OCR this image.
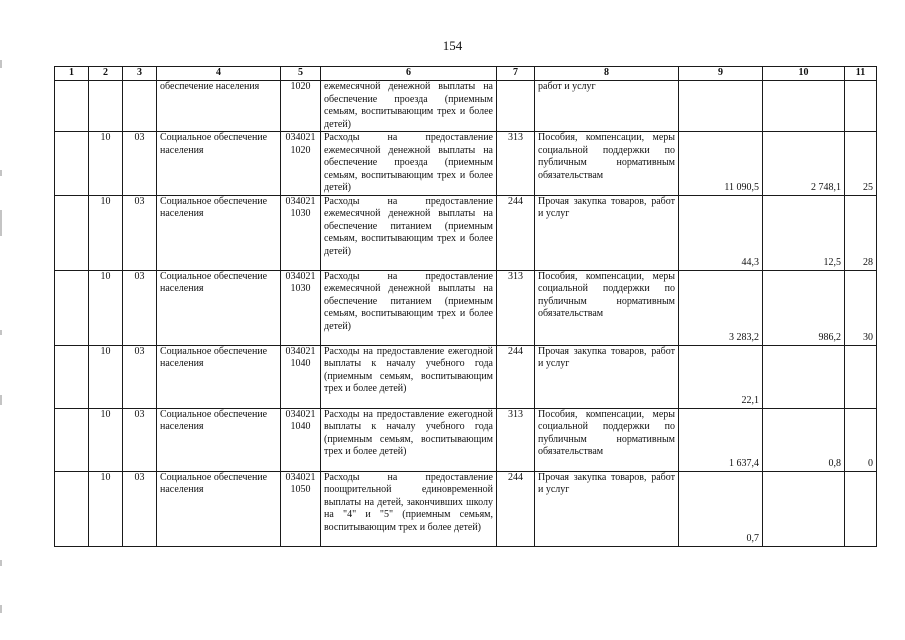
154
1	2	3	4	5	6	7	8	9	10	11
			обеспечение населения	1020	ежемесячной денежной выплаты на обеспечение проезда (приемным семьям, воспитывающим трех и более детей)		работ и услуг			
	10	03	Социальное обеспечение населения	034021 1020	Расходы на предоставление ежемесячной денежной выплаты на обеспечение проезда (приемным семьям, воспитывающим трех и более детей)	313	Пособия, компенсации, меры социальной поддержки по публичным нормативным обязательствам	11 090,5	2 748,1	25
	10	03	Социальное обеспечение населения	034021 1030	Расходы на предоставление ежемесячной денежной выплаты на обеспечение питанием (приемным семьям, воспитывающим трех и более детей)	244	Прочая закупка товаров, работ и услуг	44,3	12,5	28
	10	03	Социальное обеспечение населения	034021 1030	Расходы на предоставление ежемесячной денежной выплаты на обеспечение питанием (приемным семьям, воспитывающим трех и более детей)	313	Пособия, компенсации, меры социальной поддержки по публичным нормативным обязательствам	3 283,2	986,2	30
	10	03	Социальное обеспечение населения	034021 1040	Расходы на предоставление ежегодной выплаты к началу учебного года (приемным семьям, воспитывающим трех и более детей)	244	Прочая закупка товаров, работ и услуг	22,1		
	10	03	Социальное обеспечение населения	034021 1040	Расходы на предоставление ежегодной выплаты к началу учебного года (приемным семьям, воспитывающим трех и более детей)	313	Пособия, компенсации, меры социальной поддержки по публичным нормативным обязательствам	1 637,4	0,8	0
	10	03	Социальное обеспечение населения	034021 1050	Расходы на предоставление поощрительной единовременной выплаты на детей, закончивших школу на "4" и "5" (приемным семьям, воспитывающим трех и более детей)	244	Прочая закупка товаров, работ и услуг	0,7		
